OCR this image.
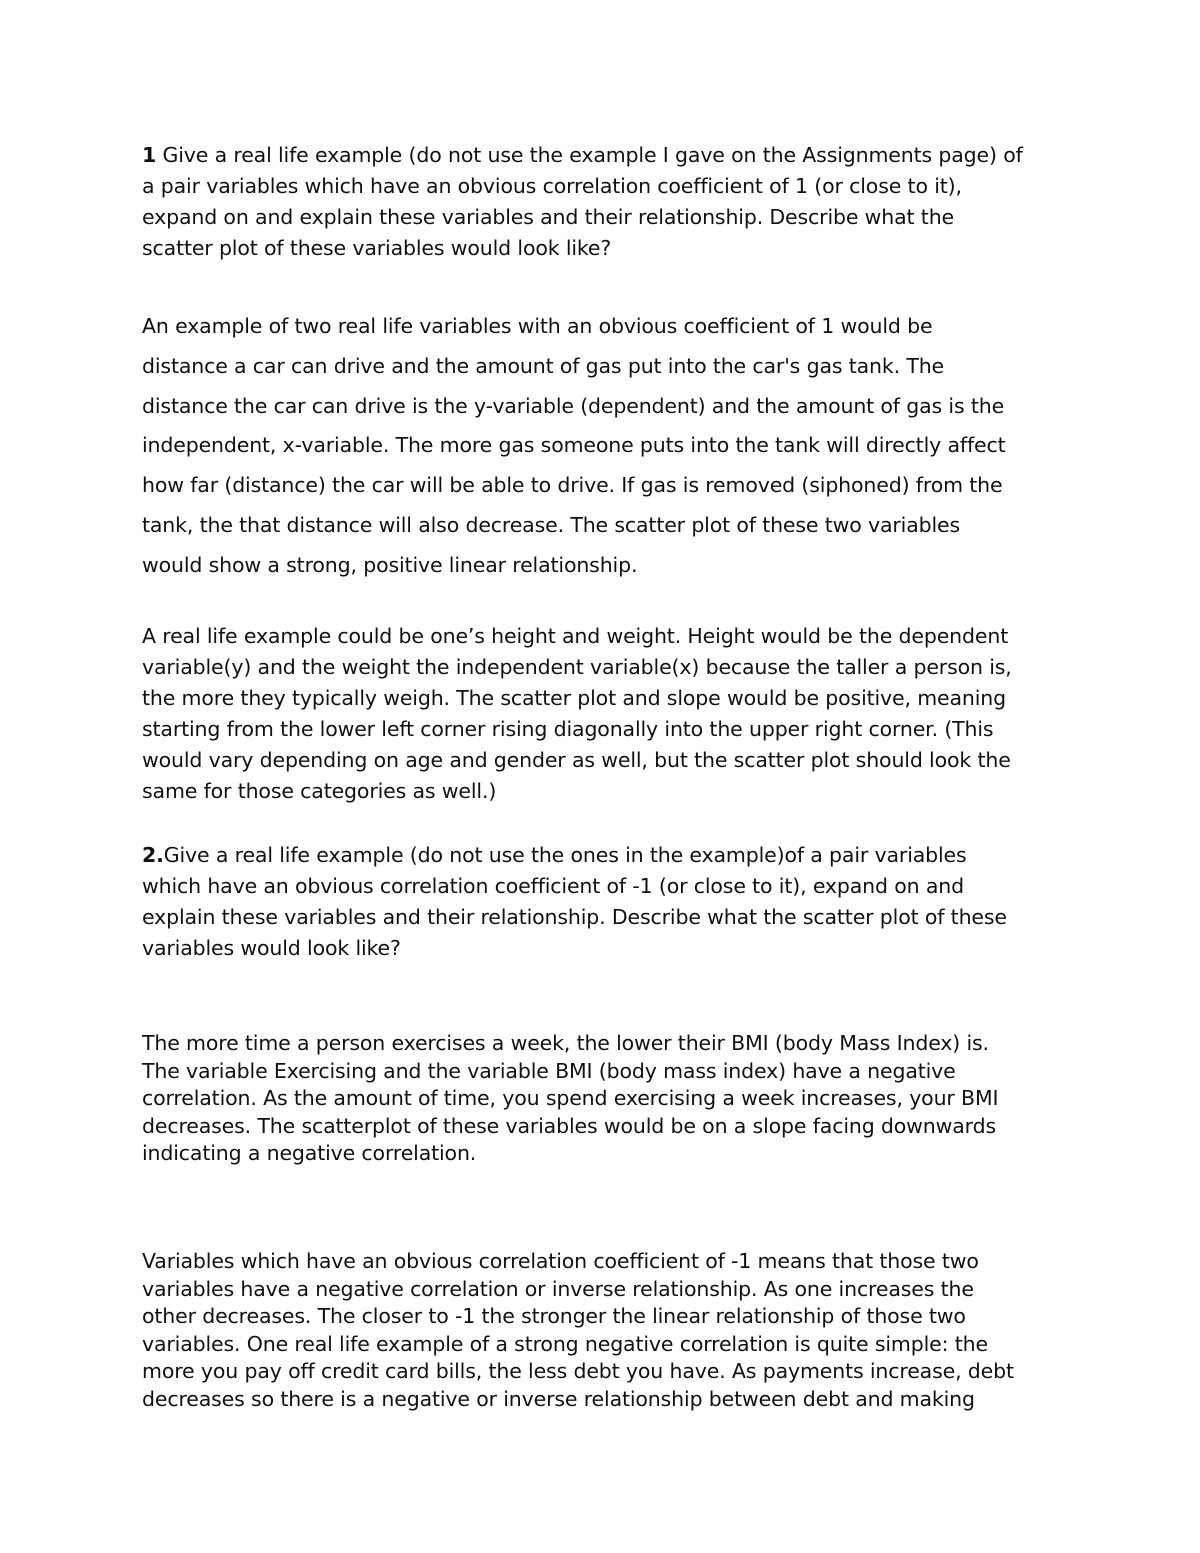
1 Give a real life example (do not use the example I gave on the Assignments page) of
a pair variables which have an obvious correlation coefficient of 1 (or close to it),
expand on and explain these variables and their relationship. Describe what the
scatter plot of these variables would look like?
An example of two real life variables with an obvious coefficient of 1 would be
distance a car can drive and the amount of gas put into the car's gas tank. The
distance the car can drive is the y-variable (dependent) and the amount of gas is the
independent, x-variable. The more gas someone puts into the tank will directly affect
how far (distance) the car will be able to drive. If gas is removed (siphoned) from the
tank, the that distance will also decrease. The scatter plot of these two variables
would show a strong, positive linear relationship.
A real life example could be one’s height and weight. Height would be the dependent
variable(y) and the weight the independent variable(x) because the taller a person is,
the more they typically weigh. The scatter plot and slope would be positive, meaning
starting from the lower left corner rising diagonally into the upper right corner. (This
would vary depending on age and gender as well, but the scatter plot should look the
same for those categories as well.)
2.Give a real life example (do not use the ones in the example)of a pair variables
which have an obvious correlation coefficient of -1 (or close to it), expand on and
explain these variables and their relationship. Describe what the scatter plot of these
variables would look like?
The more time a person exercises a week, the lower their BMI (body Mass Index) is.
The variable Exercising and the variable BMI (body mass index) have a negative
correlation. As the amount of time, you spend exercising a week increases, your BMI
decreases. The scatterplot of these variables would be on a slope facing downwards
indicating a negative correlation.
Variables which have an obvious correlation coefficient of -1 means that those two
variables have a negative correlation or inverse relationship. As one increases the
other decreases. The closer to -1 the stronger the linear relationship of those two
variables. One real life example of a strong negative correlation is quite simple: the
more you pay off credit card bills, the less debt you have. As payments increase, debt
decreases so there is a negative or inverse relationship between debt and making
